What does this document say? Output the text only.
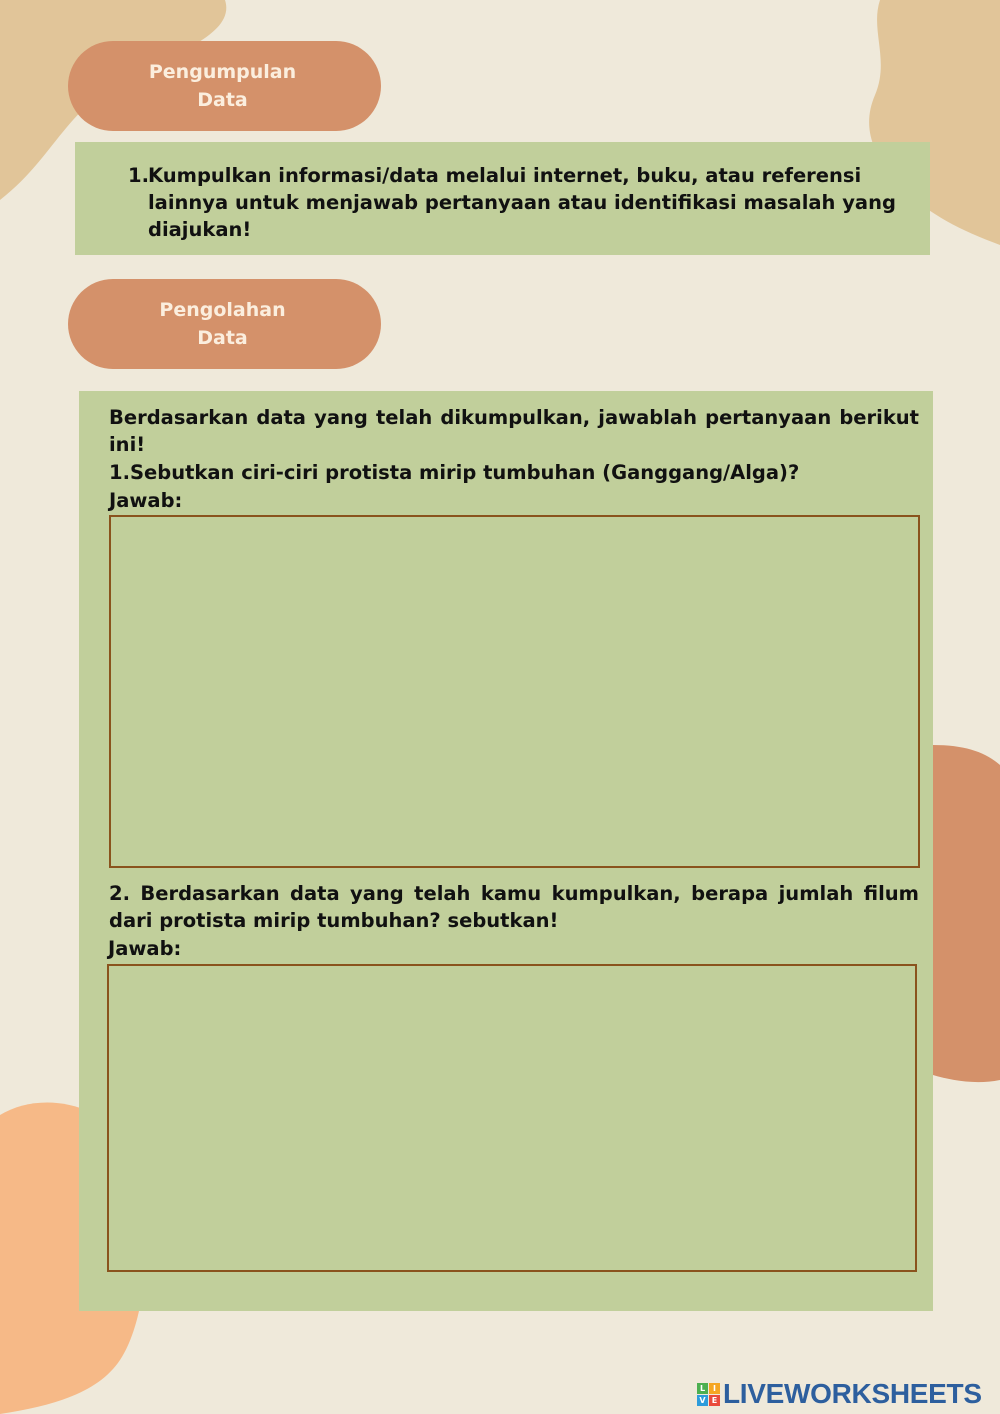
Pengumpulan
Data
1. Kumpulkan informasi/data melalui internet, buku, atau referensi lainnya untuk menjawab pertanyaan atau identifikasi masalah yang diajukan!
Pengolahan
Data

Berdasarkan data yang telah dikumpulkan, jawablah pertanyaan berikut ini!

1.Sebutkan ciri-ciri protista mirip tumbuhan (Ganggang/Alga)?

Jawab:

2. Berdasarkan data yang telah kamu kumpulkan, berapa jumlah filum dari protista mirip tumbuhan? sebutkan!

Jawab:

L I
V E LIVEWORKSHEETS
